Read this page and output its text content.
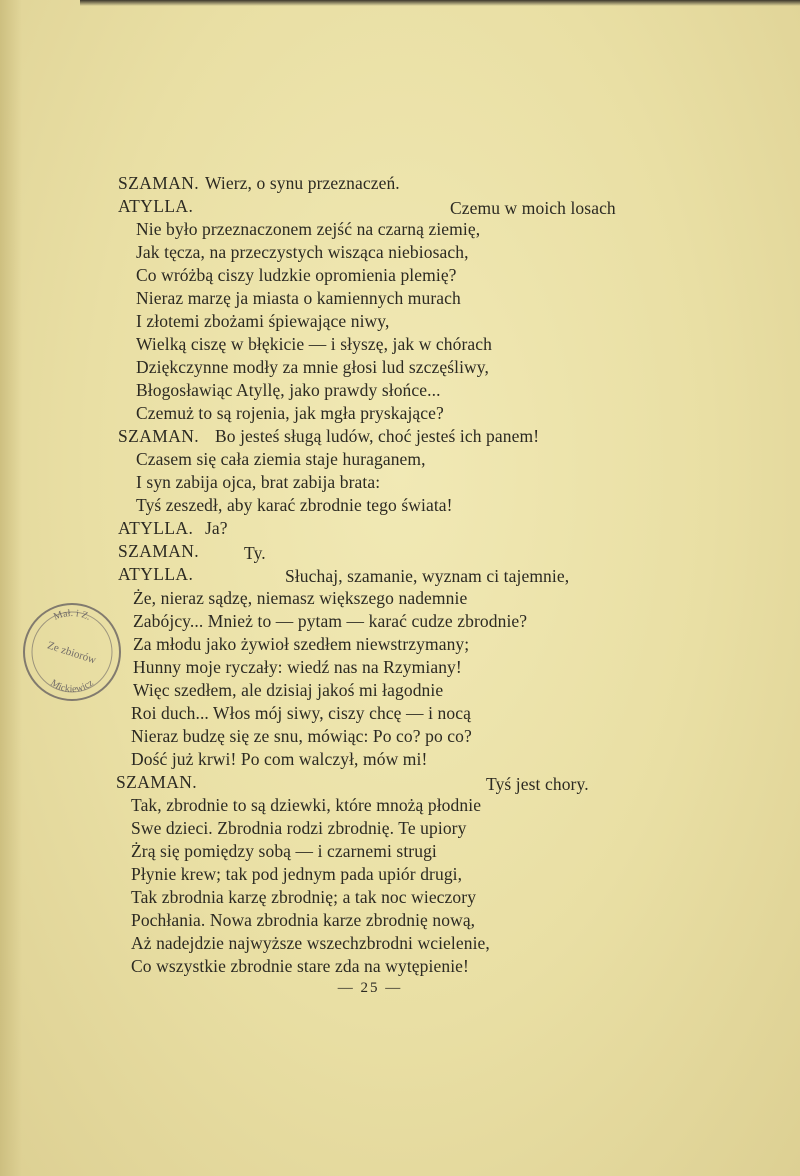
SZAMAN. Wierz, o synu przeznaczeń.
ATYLLA.	Czemu w moich losach
Nie było przeznaczonem zejść na czarną ziemię,
Jak tęcza, na przeczystych wisząca niebiosach,
Co wróżbą ciszy ludzkie opromienia plemię?
Nieraz marzę ja miasta o kamiennych murach
I złotemi zbożami śpiewające niwy,
Wielką ciszę w błękicie — i słyszę, jak w chórach
Dziękczynne modły za mnie głosi lud szczęśliwy,
Błogosławiąc Atyllę, jako prawdy słońce...
Czemuż to są rojenia, jak mgła pryskające?
SZAMAN. Bo jesteś sługą ludów, choć jesteś ich panem!
Czasem się cała ziemia staje huraganem,
I syn zabija ojca, brat zabija brata:
Tyś zeszedł, aby karać zbrodnie tego świata!
ATYLLA. Ja?
SZAMAN.	Ty.
ATYLLA.	Słuchaj, szamanie, wyznam ci tajemnie,
Że, nieraz sądzę, niemasz większego nademnie
Zabójcy... Mnież to — pytam — karać cudze zbrodnie?
Za młodu jako żywioł szedłem niewstrzymany;
Hunny moje ryczały: wiedź nas na Rzymiany!
Więc szedłem, ale dzisiaj jakoś mi łagodnie
Roi duch... Włos mój siwy, ciszy chcę — i nocą
Nieraz budzę się ze snu, mówiąc: Po co? po co?
Dość już krwi! Po com walczył, mów mi!
SZAMAN.	Tyś jest chory.
Tak, zbrodnie to są dziewki, które mnożą płodnie
Swe dzieci. Zbrodnia rodzi zbrodnię. Te upiory
Żrą się pomiędzy sobą — i czarnemi strugi
Płynie krew; tak pod jednym pada upiór drugi,
Tak zbrodnia karzę zbrodnię; a tak noc wieczory
Pochłania. Nowa zbrodnia karze zbrodnię nową,
Aż nadejdzie najwyższe wszechzbrodni wcielenie,
Co wszystkie zbrodnie stare zda na wytępienie!
— 25 —
Mał. i Z.
Ze zbiorów
Mickiewicz
